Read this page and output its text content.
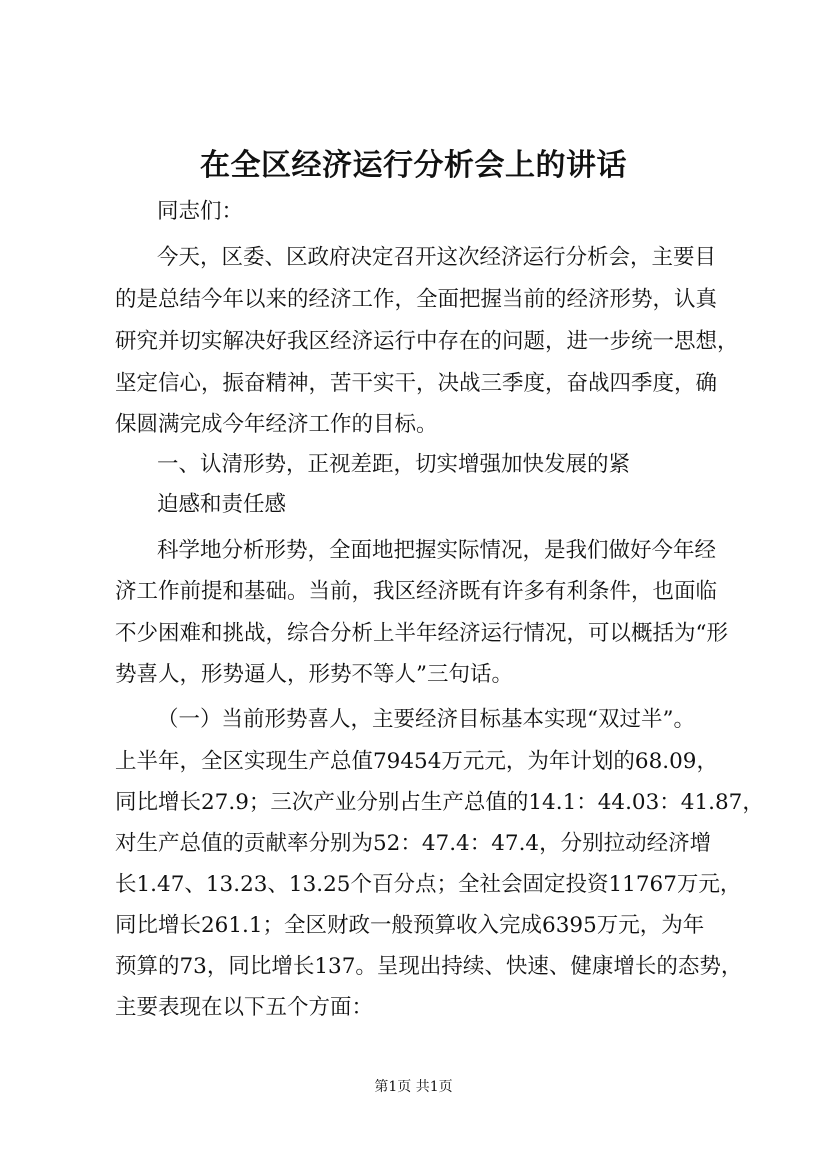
在全区经济运行分析会上的讲话
同志们：
今天，区委、区政府决定召开这次经济运行分析会，主要目
的是总结今年以来的经济工作，全面把握当前的经济形势，认真
研究并切实解决好我区经济运行中存在的问题，进一步统一思想，
坚定信心，振奋精神，苦干实干，决战三季度，奋战四季度，确
保圆满完成今年经济工作的目标。
一、认清形势，正视差距，切实增强加快发展的紧
迫感和责任感
科学地分析形势，全面地把握实际情况，是我们做好今年经
济工作前提和基础。当前，我区经济既有许多有利条件，也面临
不少困难和挑战，综合分析上半年经济运行情况，可以概括为“形
势喜人，形势逼人，形势不等人”三句话。
（一）当前形势喜人，主要经济目标基本实现“双过半”。
上半年，全区实现生产总值79454万元元，为年计划的68.09，
同比增长27.9；三次产业分别占生产总值的14.1：44.03：41.87，
对生产总值的贡献率分别为52：47.4：47.4，分别拉动经济增
长1.47、13.23、13.25个百分点；全社会固定投资11767万元，
同比增长261.1；全区财政一般预算收入完成6395万元，为年
预算的73，同比增长137。呈现出持续、快速、健康增长的态势，
主要表现在以下五个方面：
第1页 共1页
